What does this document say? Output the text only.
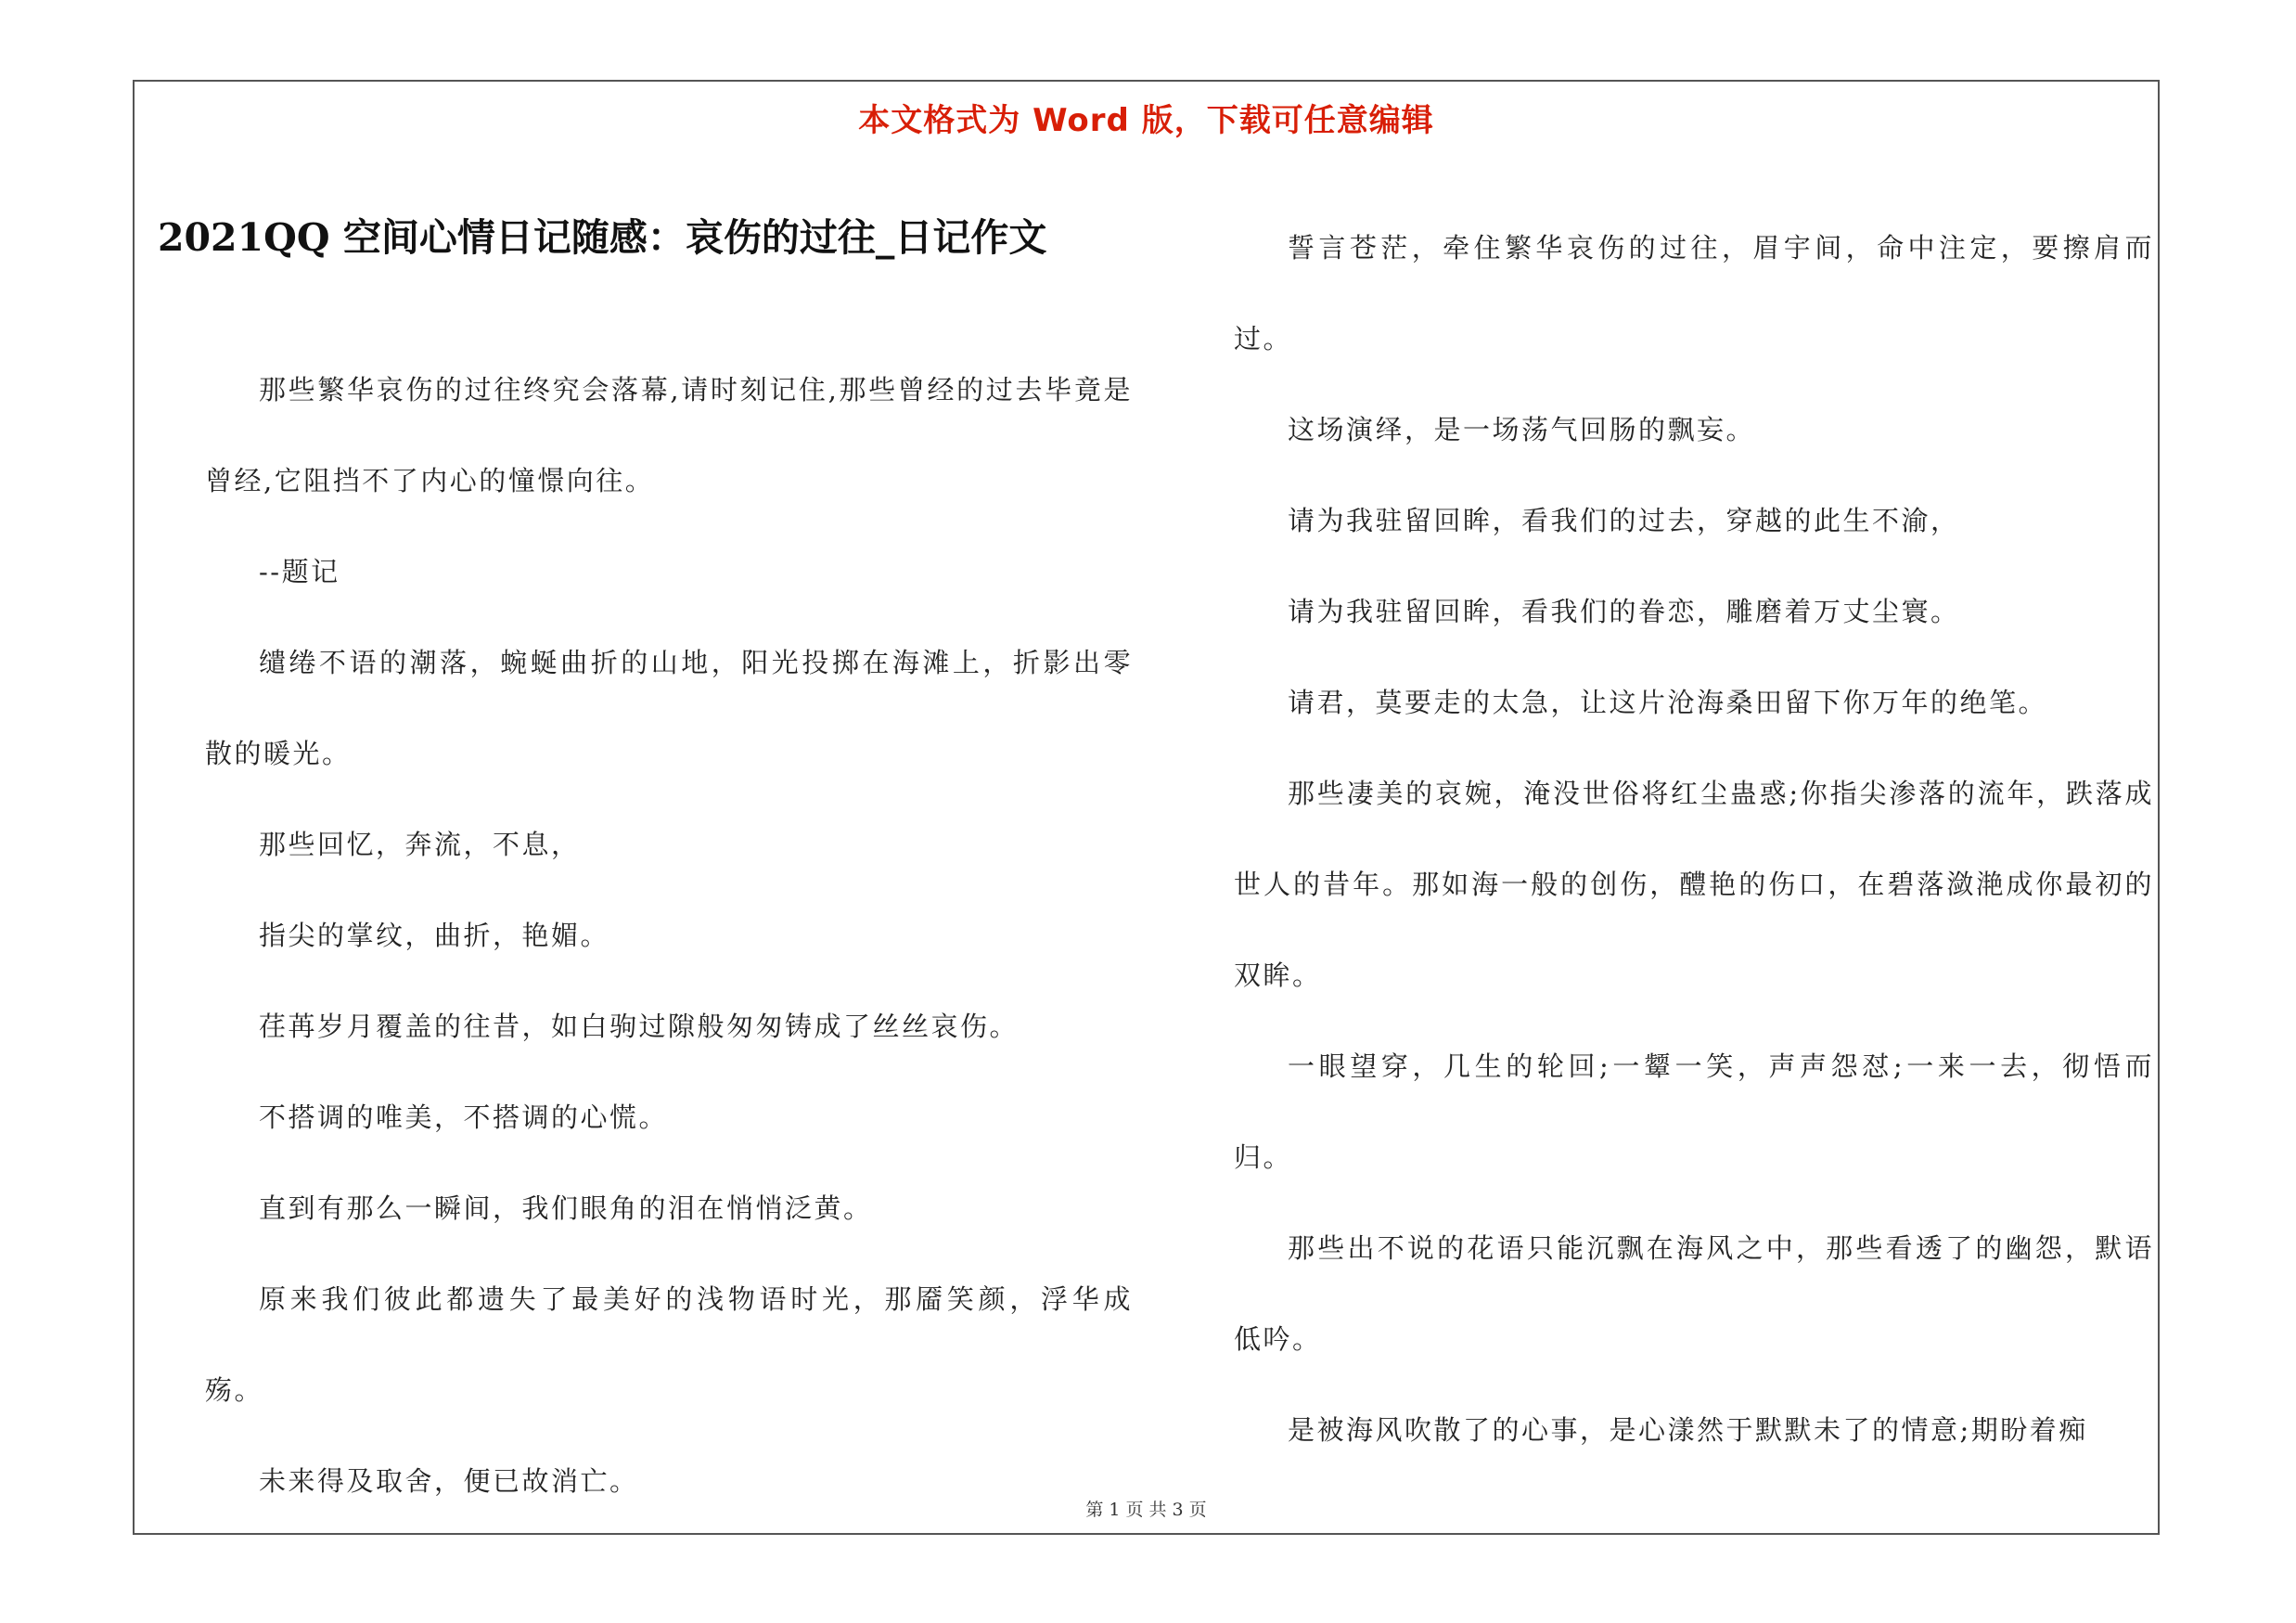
本文格式为 Word 版，下载可任意编辑
2021QQ 空间心情日记随感：哀伤的过往_日记作文

那些繁华哀伤的过往终究会落幕,请时刻记住,那些曾经的过去毕竟是曾经,它阻挡不了内心的憧憬向往。

--题记

缱绻不语的潮落，蜿蜒曲折的山地，阳光投掷在海滩上，折影出零散的暖光。

那些回忆，奔流，不息，

指尖的掌纹，曲折，艳媚。

荏苒岁月覆盖的往昔，如白驹过隙般匆匆铸成了丝丝哀伤。

不搭调的唯美，不搭调的心慌。

直到有那么一瞬间，我们眼角的泪在悄悄泛黄。

原来我们彼此都遗失了最美好的浅物语时光，那靥笑颜，浮华成殇。

未来得及取舍，便已故消亡。

誓言苍茫，牵住繁华哀伤的过往，眉宇间，命中注定，要擦肩而过。

这场演绎，是一场荡气回肠的飘妄。

请为我驻留回眸，看我们的过去，穿越的此生不渝，

请为我驻留回眸，看我们的眷恋，雕磨着万丈尘寰。

请君，莫要走的太急，让这片沧海桑田留下你万年的绝笔。

那些凄美的哀婉，淹没世俗将红尘蛊惑;你指尖渗落的流年，跌落成世人的昔年。那如海一般的创伤，醴艳的伤口，在碧落潋滟成你最初的双眸。

一眼望穿，几生的轮回;一颦一笑，声声怨怼;一来一去，彻悟而归。

那些出不说的花语只能沉飘在海风之中，那些看透了的幽怨，默语低吟。

是被海风吹散了的心事，是心漾然于默默未了的情意;期盼着痴

第 1 页 共 3 页
